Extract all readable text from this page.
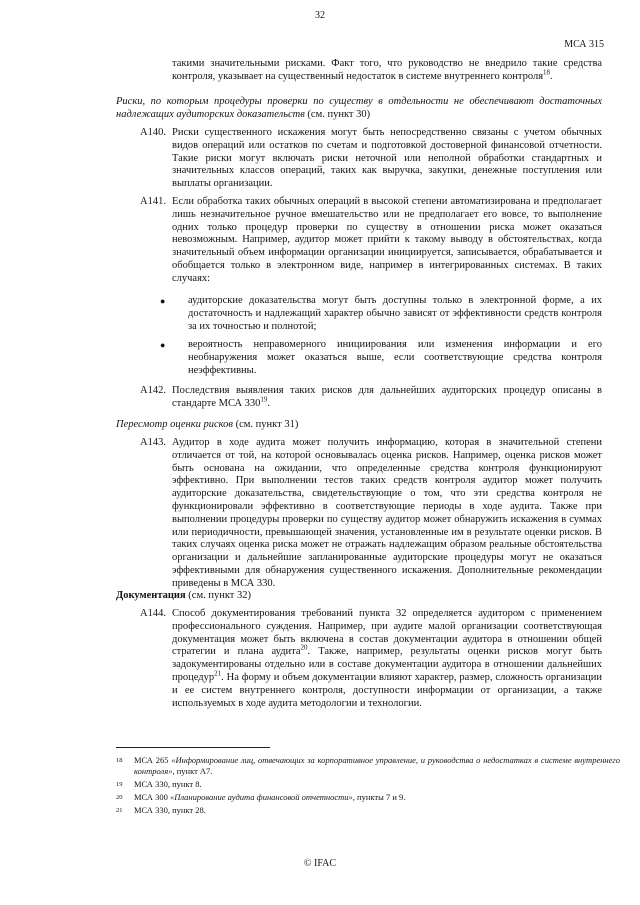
32
МСА 315
такими значительными рисками. Факт того, что руководство не внедрило такие средства контроля, указывает на существенный недостаток в системе внутреннего контроля$^{18}$.
Риски, по которым процедуры проверки по существу в отдельности не обеспечивают достаточных надлежащих аудиторских доказательств (см. пункт 30)
A140. Риски существенного искажения могут быть непосредственно связаны с учетом обычных видов операций или остатков по счетам и подготовкой достоверной финансовой отчетности. Такие риски могут включать риски неточной или неполной обработки стандартных и значительных классов операций, таких как выручка, закупки, денежные поступления или выплаты организации.
A141. Если обработка таких обычных операций в высокой степени автоматизирована и предполагает лишь незначительное ручное вмешательство или не предполагает его вовсе, то выполнение одних только процедур проверки по существу в отношении риска может оказаться невозможным. Например, аудитор может прийти к такому выводу в обстоятельствах, когда значительный объем информации организации инициируется, записывается, обрабатывается и обобщается только в электронном виде, например в интегрированных системах. В таких случаях:
● аудиторские доказательства могут быть доступны только в электронной форме, а их достаточность и надлежащий характер обычно зависят от эффективности средств контроля за их точностью и полнотой;
● вероятность неправомерного инициирования или изменения информации и его необнаружения может оказаться выше, если соответствующие средства контроля неэффективны.
A142. Последствия выявления таких рисков для дальнейших аудиторских процедур описаны в стандарте МСА $330^{19}$.
Пересмотр оценки рисков (см. пункт 31)
A143. Аудитор в ходе аудита может получить информацию, которая в значительной степени отличается от той, на которой основывалась оценка рисков. Например, оценка рисков может быть основана на ожидании, что определенные средства контроля функционируют эффективно. При выполнении тестов таких средств контроля аудитор может получить аудиторские доказательства, свидетельствующие о том, что эти средства контроля не функционировали эффективно в соответствующие периоды в ходе аудита. Также при выполнении процедуры проверки по существу аудитор может обнаружить искажения в суммах или периодичности, превышающей значения, установленные им в результате оценки рисков. В таких случаях оценка риска может не отражать надлежащим образом реальные обстоятельства организации и дальнейшие запланированные аудиторские процедуры могут не оказаться эффективными для обнаружения существенного искажения. Дополнительные рекомендации приведены в МСА 330.
Документация (см. пункт 32)
A144. Способ документирования требований пункта 32 определяется аудитором с применением профессионального суждения. Например, при аудите малой организации соответствующая документация может быть включена в состав документации аудитора в отношении общей стратегии и плана аудита$^{20}$. Также, например, результаты оценки рисков могут быть задокументированы отдельно или в составе документации аудитора в отношении дальнейших процедур$^{21}$. На форму и объем документации влияют характер, размер, сложность организации и ее систем внутреннего контроля, доступности информации от организации, а также используемых в ходе аудита методологии и технологии.
18 МСА 265 «Информирование лиц, отвечающих за корпоративное управление, и руководства о недостатках в системе внутреннего контроля», пункт A7.
19 МСА 330, пункт 8.
20 МСА 300 «Планирование аудита финансовой отчетности», пункты 7 и 9.
21 МСА 330, пункт 28.
© IFAC
